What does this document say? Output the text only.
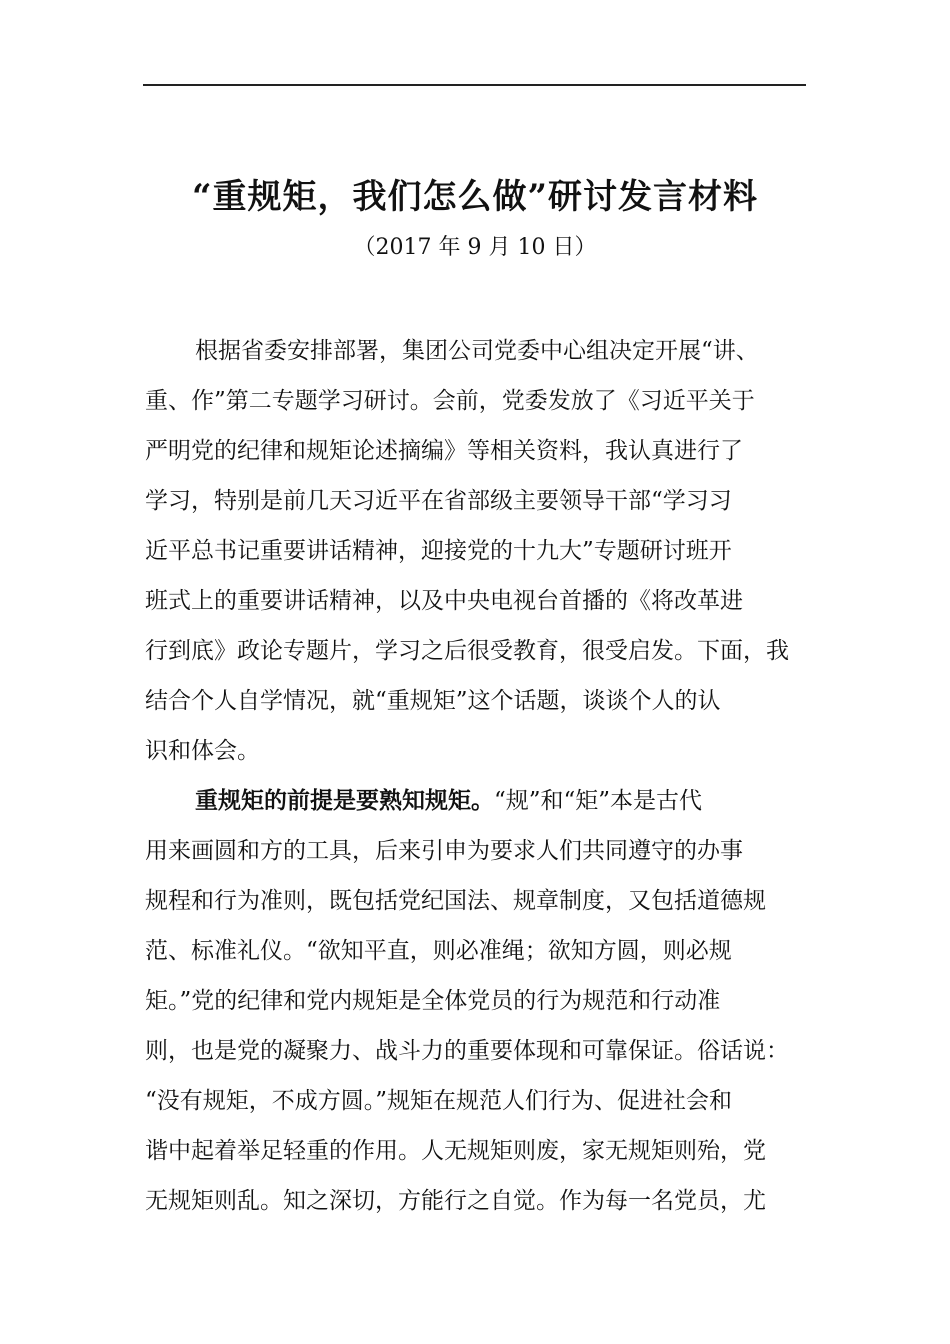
“重规矩，我们怎么做”研讨发言材料
（2017 年 9 月 10 日）
根据省委安排部署，集团公司党委中心组决定开展“讲、
重、作”第二专题学习研讨。会前，党委发放了《习近平关于
严明党的纪律和规矩论述摘编》等相关资料，我认真进行了
学习，特别是前几天习近平在省部级主要领导干部“学习习
近平总书记重要讲话精神，迎接党的十九大”专题研讨班开
班式上的重要讲话精神，以及中央电视台首播的《将改革进
行到底》政论专题片，学习之后很受教育，很受启发。下面，我
结合个人自学情况，就“重规矩”这个话题，谈谈个人的认
识和体会。
重规矩的前提是要熟知规矩。“规”和“矩”本是古代
用来画圆和方的工具，后来引申为要求人们共同遵守的办事
规程和行为准则，既包括党纪国法、规章制度，又包括道德规
范、标准礼仪。“欲知平直，则必准绳；欲知方圆，则必规
矩。”党的纪律和党内规矩是全体党员的行为规范和行动准
则，也是党的凝聚力、战斗力的重要体现和可靠保证。俗话说：
“没有规矩，不成方圆。”规矩在规范人们行为、促进社会和
谐中起着举足轻重的作用。人无规矩则废，家无规矩则殆，党
无规矩则乱。知之深切，方能行之自觉。作为每一名党员，尤
